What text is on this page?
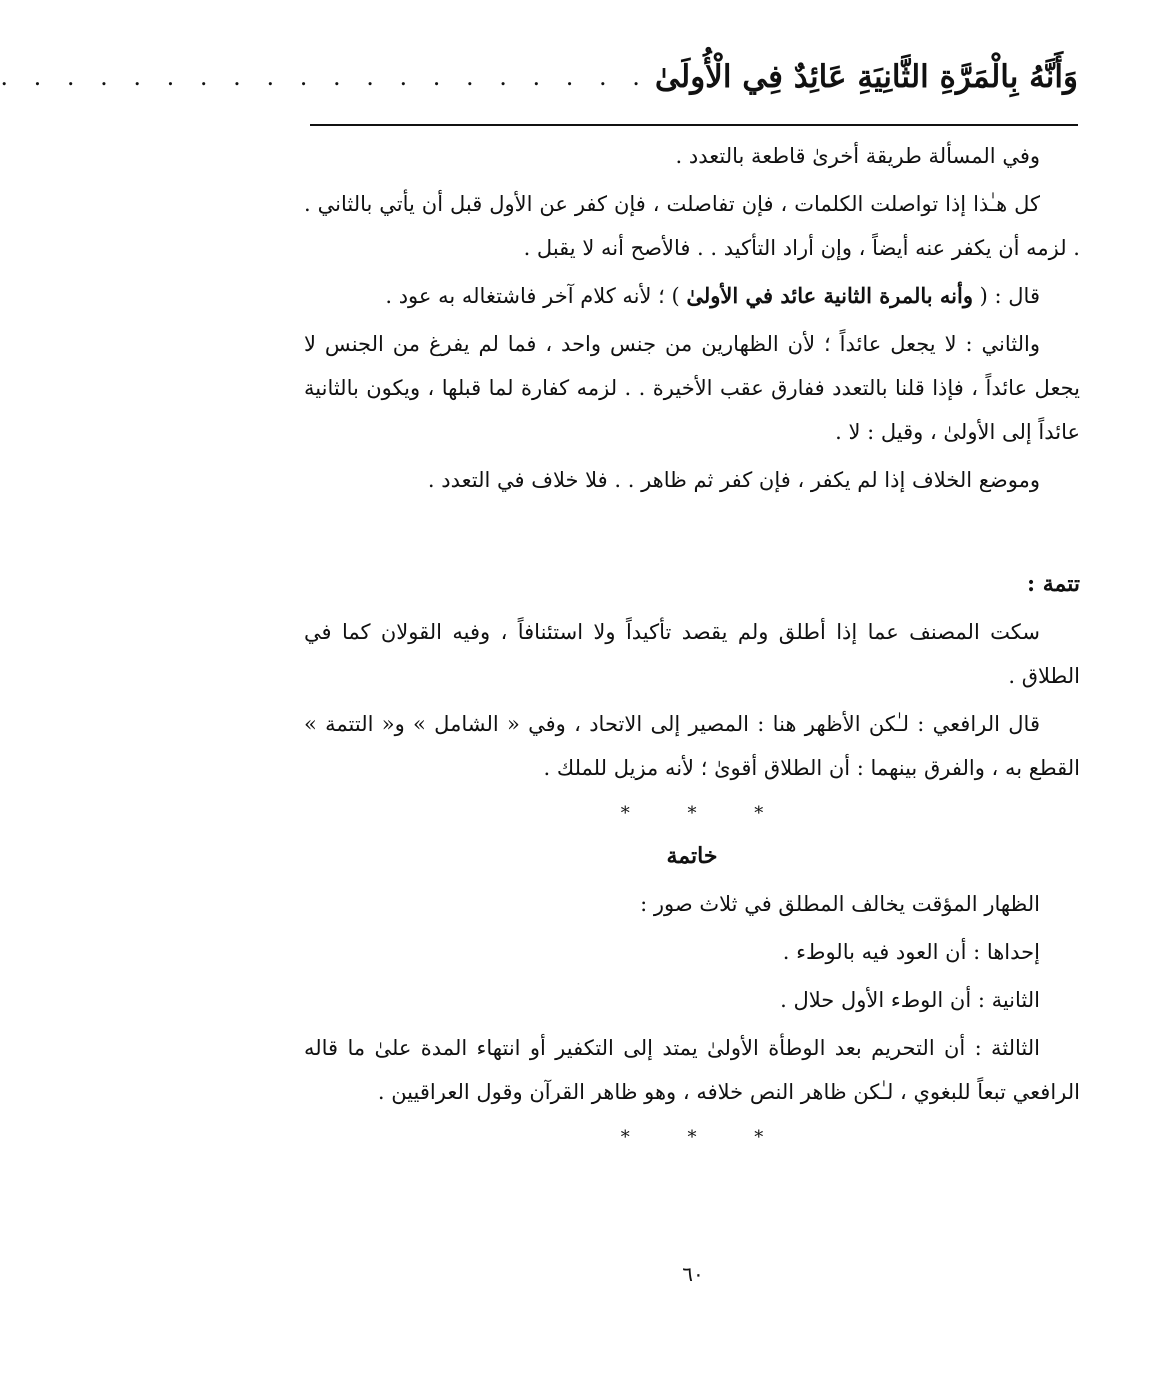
وَأَنَّهُ بِالْمَرَّةِ الثَّانِيَةِ عَائِدٌ فِي الْأُولَىٰ
. . . . . . . . . . . . . . . . . . . .

وفي المسألة طريقة أخرىٰ قاطعة بالتعدد .

كل هـٰذا إذا تواصلت الكلمات ، فإن تفاصلت ، فإن كفر عن الأول قبل أن يأتي بالثاني . . لزمه أن يكفر عنه أيضاً ، وإن أراد التأكيد . . فالأصح أنه لا يقبل .

قال : ( وأنه بالمرة الثانية عائد في الأولىٰ ) ؛ لأنه كلام آخر فاشتغاله به عود .

والثاني : لا يجعل عائداً ؛ لأن الظهارين من جنس واحد ، فما لم يفرغ من الجنس لا يجعل عائداً ، فإذا قلنا بالتعدد ففارق عقب الأخيرة . . لزمه كفارة لما قبلها ، ويكون بالثانية عائداً إلى الأولىٰ ، وقيل : لا .

وموضع الخلاف إذا لم يكفر ، فإن كفر ثم ظاهر . . فلا خلاف في التعدد .

تتمة :

سكت المصنف عما إذا أطلق ولم يقصد تأكيداً ولا استئنافاً ، وفيه القولان كما في الطلاق .

قال الرافعي : لـٰكن الأظهر هنا : المصير إلى الاتحاد ، وفي « الشامل » و« التتمة » القطع به ، والفرق بينهما : أن الطلاق أقوىٰ ؛ لأنه مزيل للملك .

* * *

خاتمة

الظهار المؤقت يخالف المطلق في ثلاث صور :

إحداها : أن العود فيه بالوطء .

الثانية : أن الوطء الأول حلال .

الثالثة : أن التحريم بعد الوطأة الأولىٰ يمتد إلى التكفير أو انتهاء المدة علىٰ ما قاله الرافعي تبعاً للبغوي ، لـٰكن ظاهر النص خلافه ، وهو ظاهر القرآن وقول العراقيين .

* * *
٦٠
